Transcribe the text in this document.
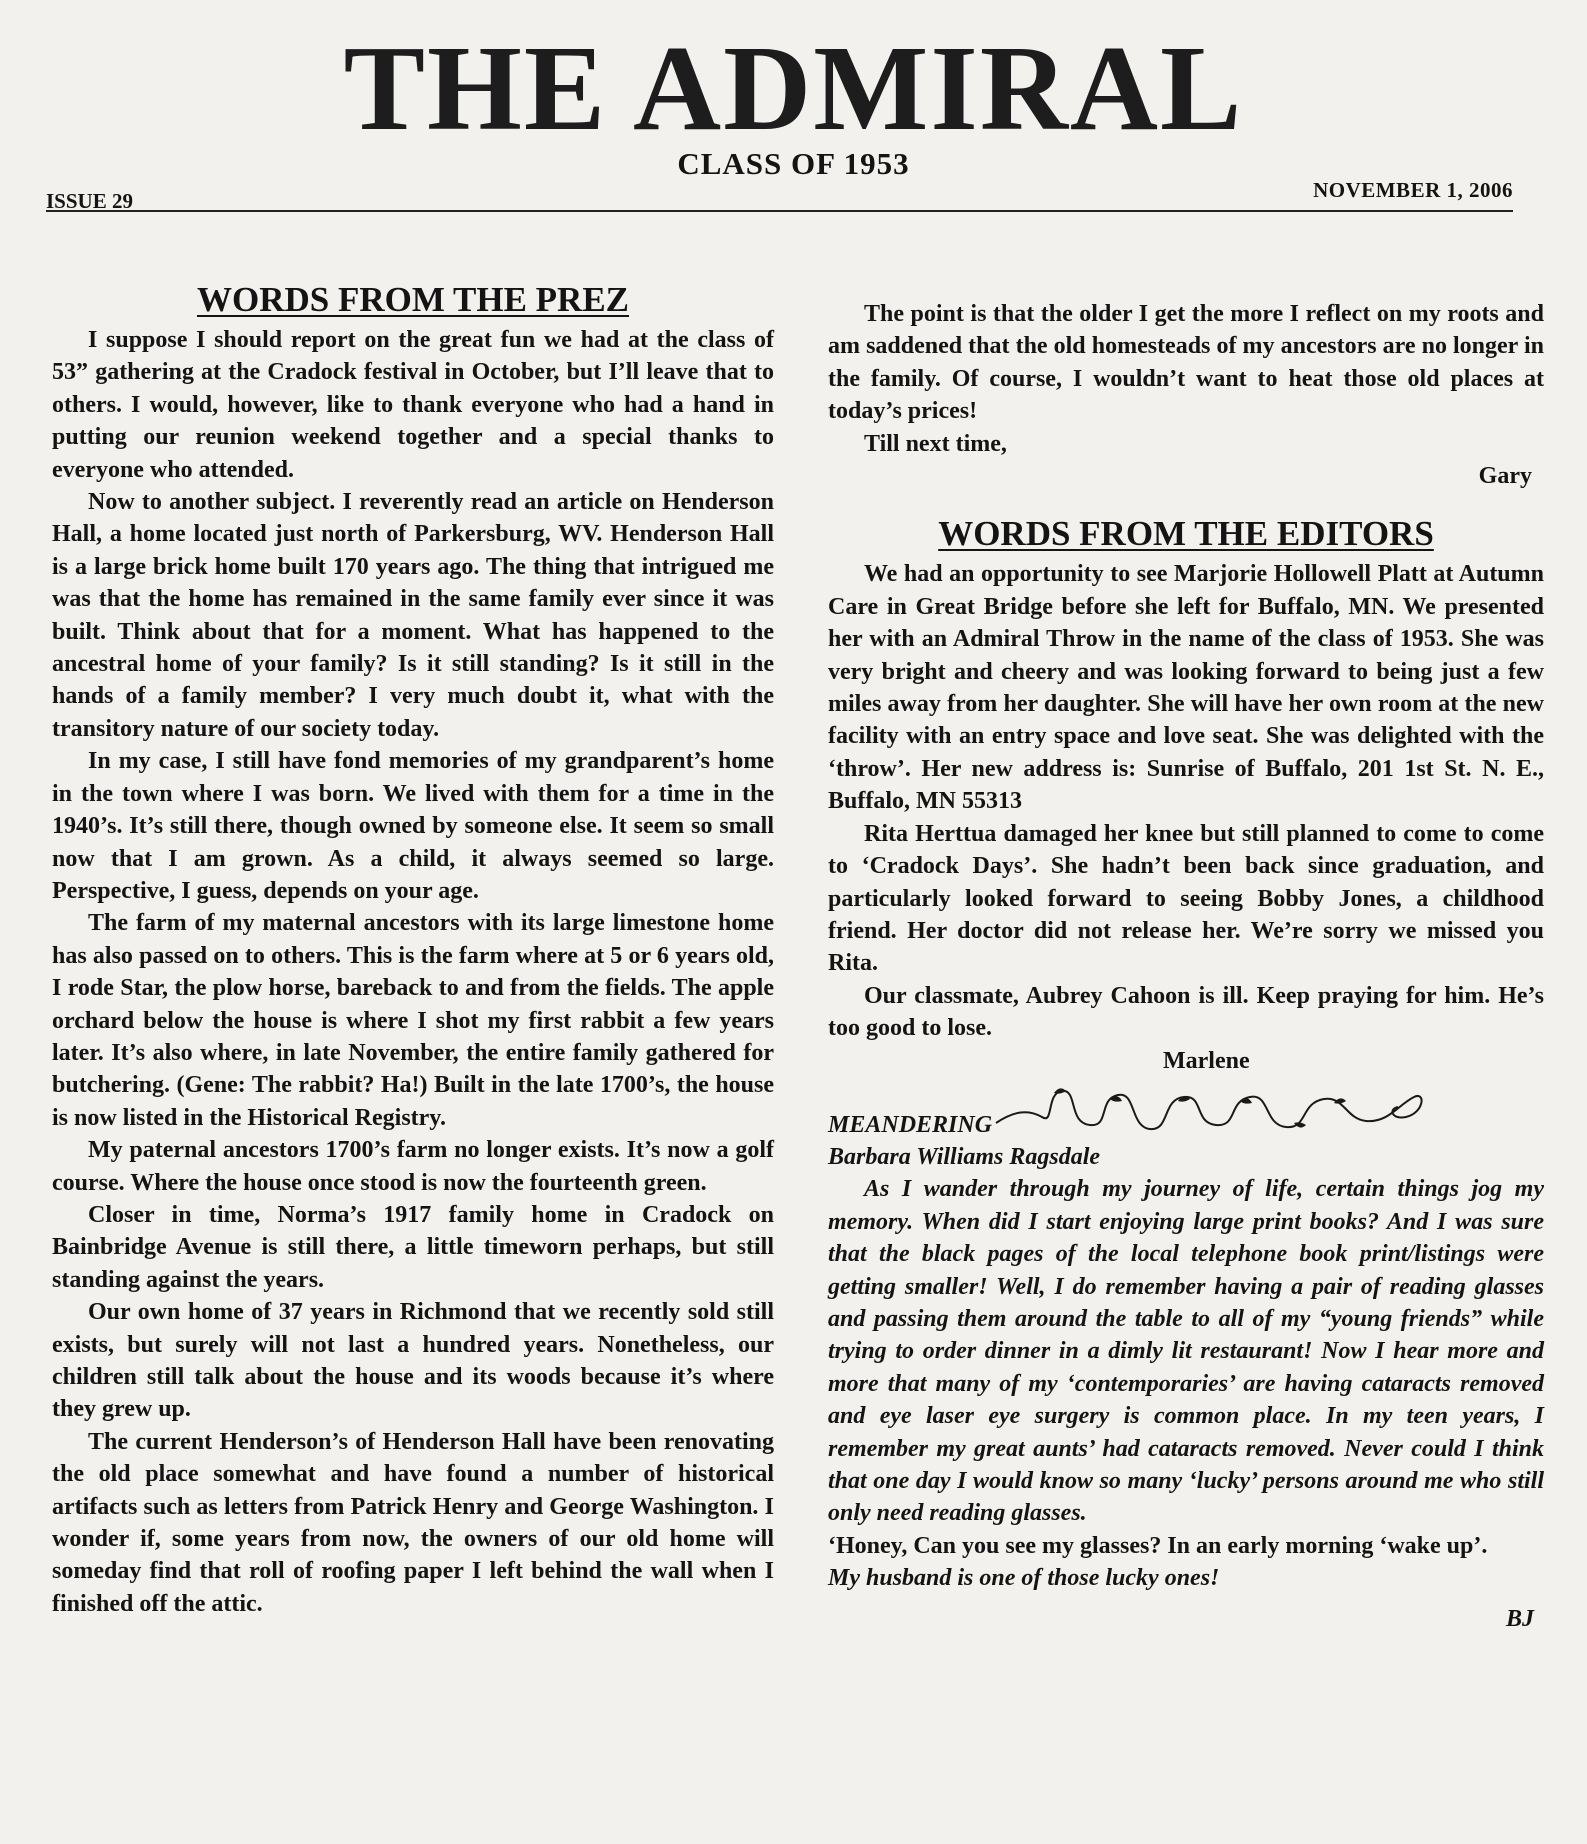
THE ADMIRAL
CLASS OF 1953
ISSUE 29	NOVEMBER 1, 2006
WORDS FROM THE PREZ

I suppose I should report on the great fun we had at the class of 53” gathering at the Cradock festival in October, but I’ll leave that to others. I would, however, like to thank everyone who had a hand in putting our reunion weekend together and a special thanks to everyone who attended.

Now to another subject. I reverently read an article on Henderson Hall, a home located just north of Parkersburg, WV. Henderson Hall is a large brick home built 170 years ago. The thing that intrigued me was that the home has remained in the same family ever since it was built. Think about that for a moment. What has happened to the ancestral home of your family? Is it still standing? Is it still in the hands of a family member? I very much doubt it, what with the transitory nature of our society today.

In my case, I still have fond memories of my grandparent’s home in the town where I was born. We lived with them for a time in the 1940’s. It’s still there, though owned by someone else. It seem so small now that I am grown. As a child, it always seemed so large. Perspective, I guess, depends on your age.

The farm of my maternal ancestors with its large limestone home has also passed on to others. This is the farm where at 5 or 6 years old, I rode Star, the plow horse, bareback to and from the fields. The apple orchard below the house is where I shot my first rabbit a few years later. It’s also where, in late November, the entire family gathered for butchering. (Gene: The rabbit? Ha!) Built in the late 1700’s, the house is now listed in the Historical Registry.

My paternal ancestors 1700’s farm no longer exists. It’s now a golf course. Where the house once stood is now the fourteenth green.

Closer in time, Norma’s 1917 family home in Cradock on Bainbridge Avenue is still there, a little timeworn perhaps, but still standing against the years.

Our own home of 37 years in Richmond that we recently sold still exists, but surely will not last a hundred years. Nonetheless, our children still talk about the house and its woods because it’s where they grew up.

The current Henderson’s of Henderson Hall have been renovating the old place somewhat and have found a number of historical artifacts such as letters from Patrick Henry and George Washington. I wonder if, some years from now, the owners of our old home will someday find that roll of roofing paper I left behind the wall when I finished off the attic.

The point is that the older I get the more I reflect on my roots and am saddened that the old homesteads of my ancestors are no longer in the family. Of course, I wouldn’t want to heat those old places at today’s prices!

Till next time,

Gary

WORDS FROM THE EDITORS

We had an opportunity to see Marjorie Hollowell Platt at Autumn Care in Great Bridge before she left for Buffalo, MN. We presented her with an Admiral Throw in the name of the class of 1953. She was very bright and cheery and was looking forward to being just a few miles away from her daughter. She will have her own room at the new facility with an entry space and love seat. She was delighted with the ‘throw’. Her new address is: Sunrise of Buffalo, 201 1st St. N. E., Buffalo, MN 55313

Rita Herttua damaged her knee but still planned to come to come to ‘Cradock Days’. She hadn’t been back since graduation, and particularly looked forward to seeing Bobby Jones, a childhood friend. Her doctor did not release her. We’re sorry we missed you Rita.

Our classmate, Aubrey Cahoon is ill. Keep praying for him. He’s too good to lose.

Marlene

MEANDERING

Barbara Williams Ragsdale

As I wander through my journey of life, certain things jog my memory. When did I start enjoying large print books? And I was sure that the black pages of the local telephone book print/listings were getting smaller! Well, I do remember having a pair of reading glasses and passing them around the table to all of my “young friends” while trying to order dinner in a dimly lit restaurant! Now I hear more and more that many of my ‘contemporaries’ are having cataracts removed and eye laser eye surgery is common place. In my teen years, I remember my great aunts’ had cataracts removed. Never could I think that one day I would know so many ‘lucky’ persons around me who still only need reading glasses.

‘Honey, Can you see my glasses? In an early morning ‘wake up’.

My husband is one of those lucky ones!

BJ
